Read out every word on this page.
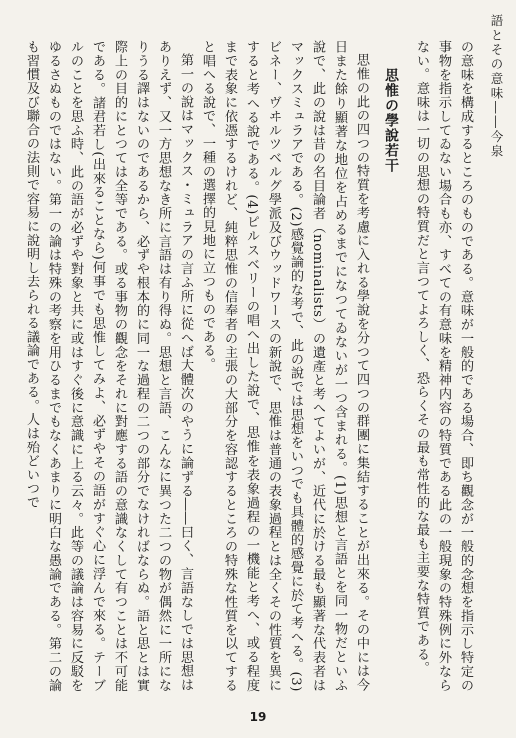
語とその意味――今泉

の意味を構成するところのものである。意味が一般的である場合、即ち觀念が一般的念想を指示し特定の事物を指示してゐない場合も亦、すべての有意味を精神内容の特質である此の一般現象の特殊例に外ならない。意味は一切の思想の特質だと言つてよろしく、恐らくその最も常性的な最も主要な特質である。

思惟の學說若干

思惟の此の四つの特質を考慮に入れる學說を分つて四つの群團に集結することが出來る。その中には今日また餘り顯著な地位を占めるまでになつてゐないが一つ含まれる。(1)思想と言語とを同一物だといふ說で、此の說は昔の名目論者（nominalists）の遺產と考へてよいが、近代に於ける最も顯著な代表者はマックスミュラアである。(2)感覺論的な考で、此の說では思想をいつでも具體的感覺に於て考へる。(3)ビネー、ヴヰルツベルグ學派及びウッドワースの新說で、思惟は普通の表象過程とは全くその性質を異にすると考へる說である。(4)ピルスベリーの唱へ出した說で、思惟を表象過程の一機能と考へ、或る程度まで表象に依憑するけれど、純粹思惟の信奉者の主張の大部分を容認するところの特殊な性質を以てすると唱へる說で、一種の選擇的見地に立つものである。

第一の說はマックス・ミュラアの言ふ所に從へば大體次のやうに論ずる――曰く、言語なしでは思想はありえず、又一方思想なき所に言語は有り得ぬ。思想と言語、こんなに異つた二つの物が偶然に一所になりうる譯はないのであるから、必ずや根本的に同一な過程の二つの部分でなければならぬ。語と思とは實際上の目的にとつては全等である。或る事物の觀念をそれに對應する語の意識なくして有つことは不可能である。諸君若し(出來ることなら)何事でも思惟してみよ、必ずやその語がすぐ心に浮んで來る。テーブルのことを思ふ時、此の語が必ずや對象と共に或はすぐ後に意識に上る云々。此等の議論は容易に反駁をゆるさぬものではない。第一の論は特殊の考察を用ひるまでもなくあまりに明白な愚論である。第二の論も習慣及び聯合の法則で容易に說明し去られる議論である。人は殆どいつで

19
